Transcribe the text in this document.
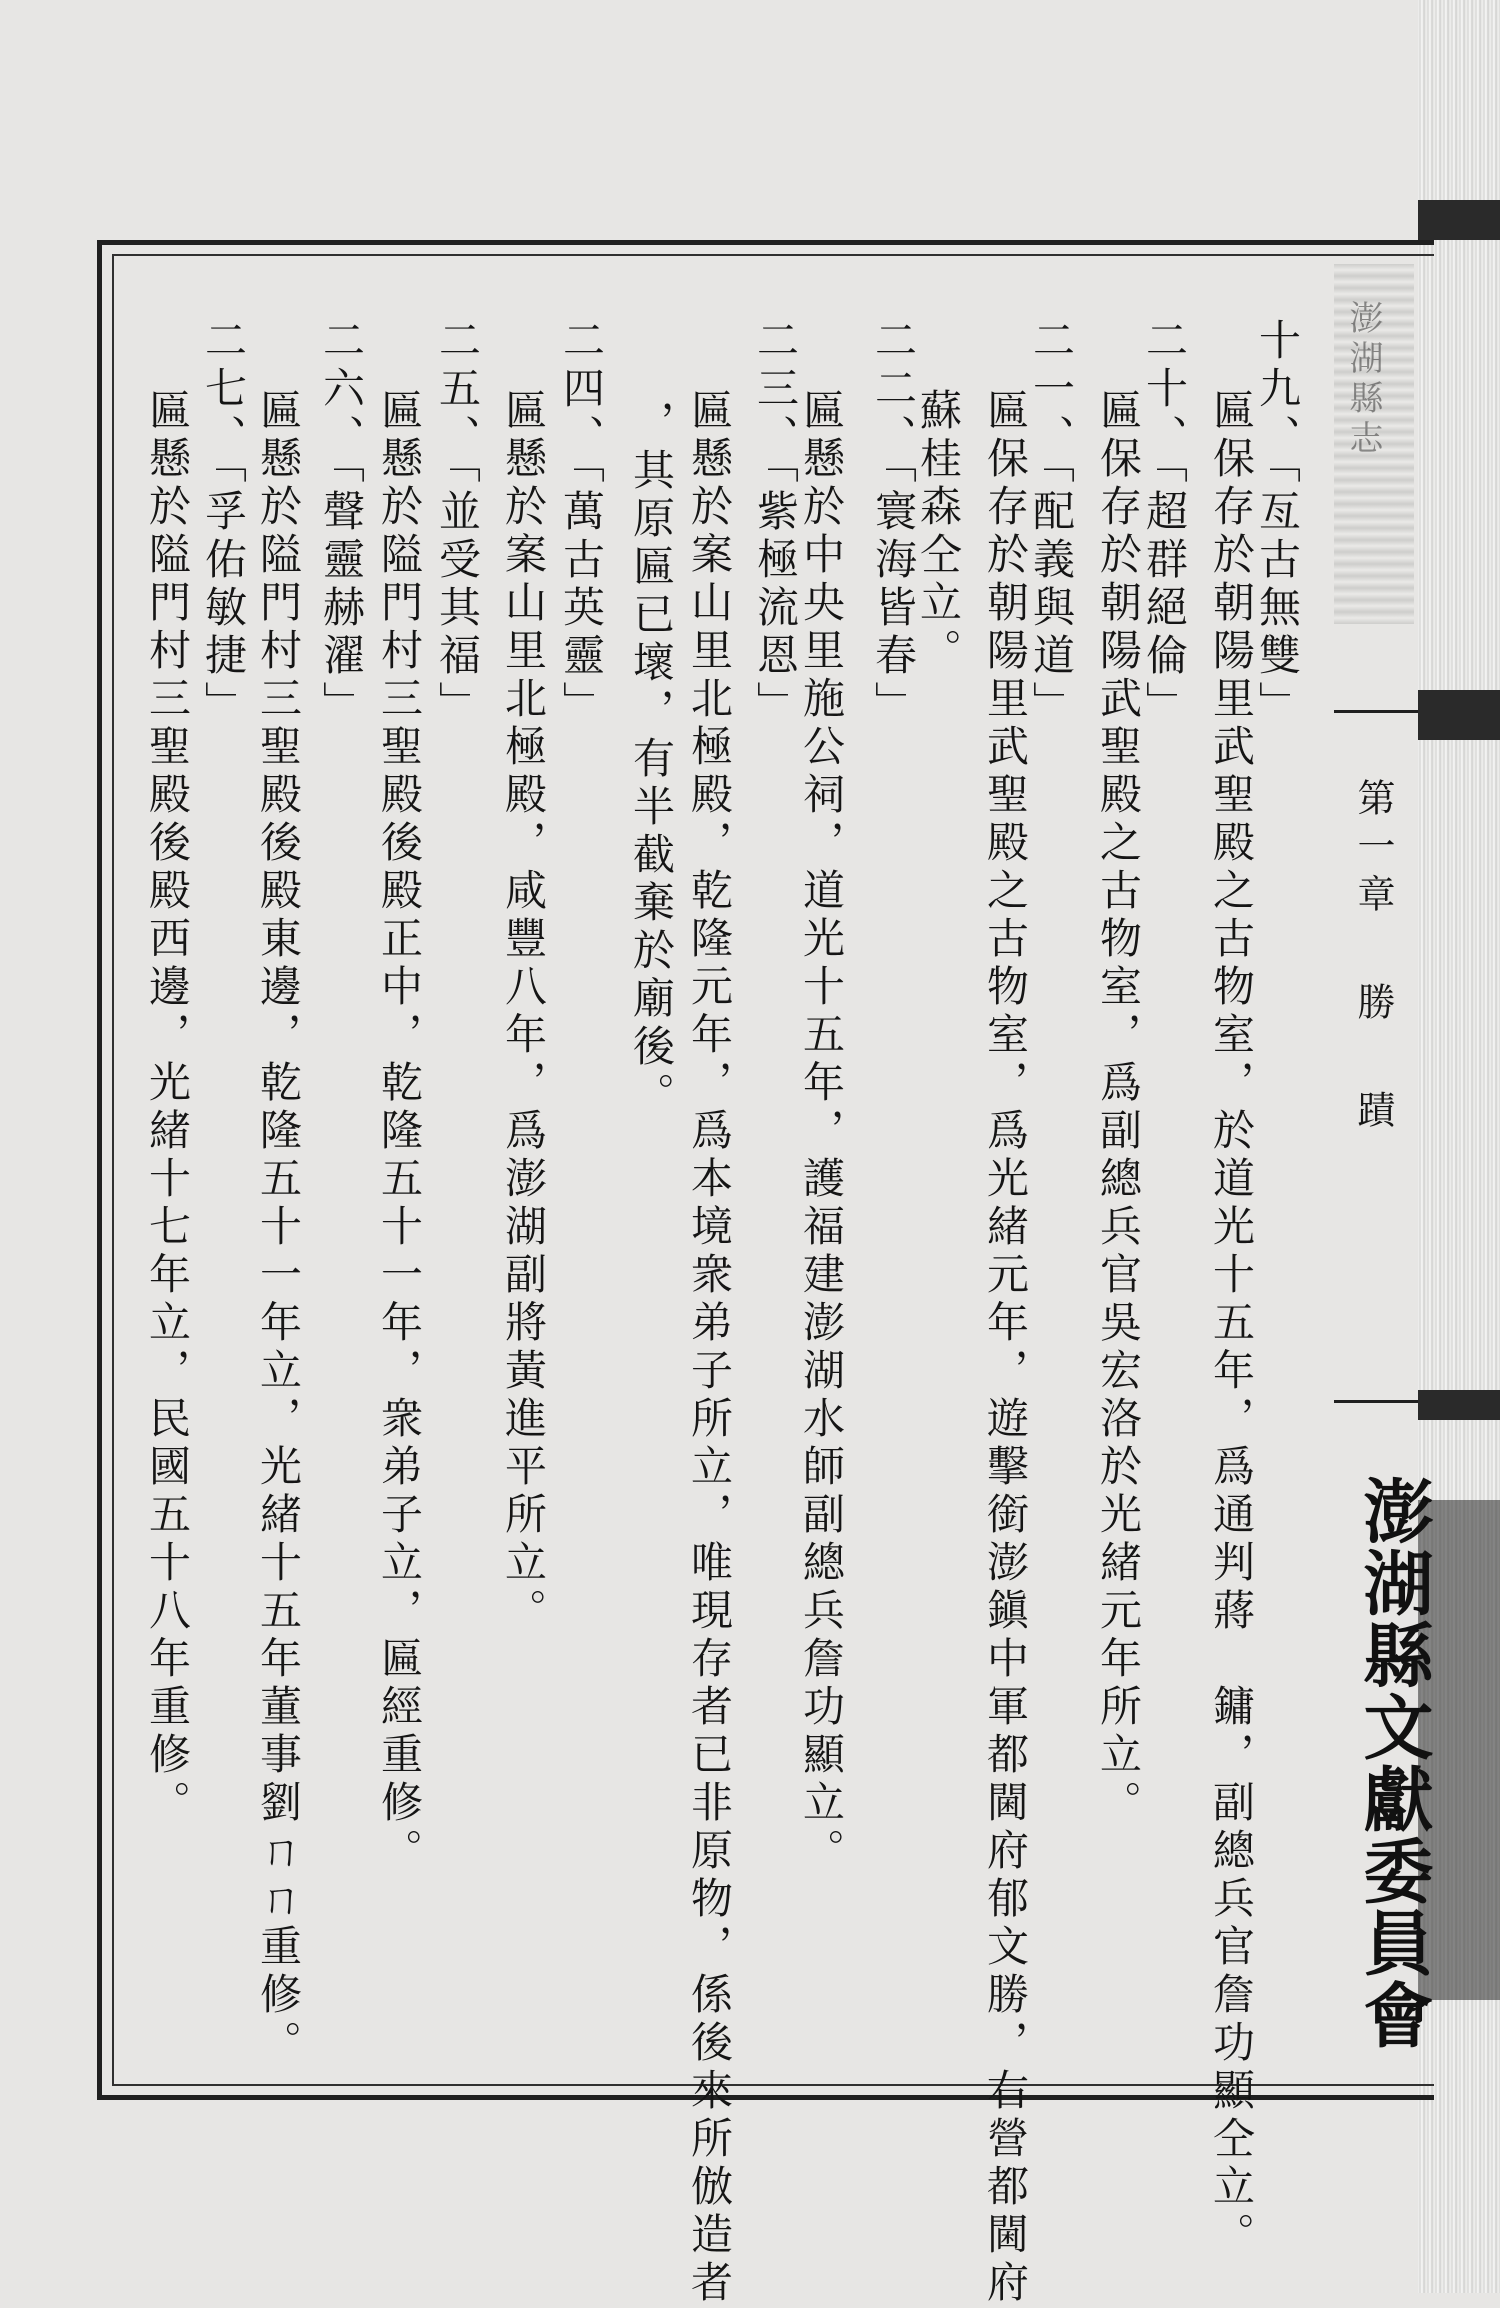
澎湖縣志
第一章勝蹟
澎湖縣文獻委員會
十九、「亙古無雙」
匾保存於朝陽里武聖殿之古物室，於道光十五年，爲通判蔣　鏞，副總兵官詹功顯仝立。
二十、「超群絕倫」
匾保存於朝陽武聖殿之古物室，爲副總兵官吳宏洛於光緒元年所立。
二一、「配義與道」
匾保存於朝陽里武聖殿之古物室，爲光緒元年，遊擊銜澎鎭中軍都閫府郁文勝，右營都閫府
蘇桂森仝立。
二二、「寰海皆春」
匾懸於中央里施公祠，道光十五年，護福建澎湖水師副總兵詹功顯立。
二三、「紫極流恩」
匾懸於案山里北極殿，乾隆元年，爲本境衆弟子所立，唯現存者已非原物，係後來所倣造者
，其原匾已壞，有半截棄於廟後。
二四、「萬古英靈」
匾懸於案山里北極殿，咸豐八年，爲澎湖副將黃進平所立。
二五、「並受其福」
匾懸於隘門村三聖殿後殿正中，乾隆五十一年，衆弟子立，匾經重修。
二六、「聲靈赫濯」
匾懸於隘門村三聖殿後殿東邊，乾隆五十一年立，光緒十五年董事劉ㄇㄇ重修。
二七、「孚佑敏捷」
匾懸於隘門村三聖殿後殿西邊，光緒十七年立，民國五十八年重修。
